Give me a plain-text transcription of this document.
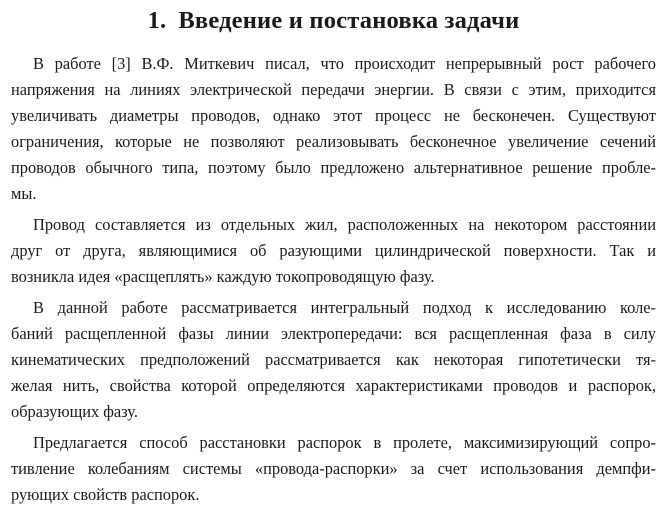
1. Введение и постановка задачи
В работе [3] В.Ф. Миткевич писал, что происходит непрерывный рост рабочего
напряжения на линиях электрической передачи энергии. В связи с этим, приходится
увеличивать диаметры проводов, однако этот процесс не бесконечен. Существуют
ограничения, которые не позволяют реализовывать бесконечное увеличение сечений
проводов обычного типа, поэтому было предложено альтернативное решение пробле-
мы.
Провод составляется из отдельных жил, расположенных на некотором расстоянии
друг от друга, являющимися об разующими цилиндрической поверхности. Так и
возникла идея «расщеплять» каждую токопроводящую фазу.
В данной работе рассматривается интегральный подход к исследованию коле-
баний расщепленной фазы линии электропередачи: вся расщепленная фаза в силу
кинематических предположений рассматривается как некоторая гипотетически тя-
желая нить, свойства которой определяются характеристиками проводов и распорок,
образующих фазу.
Предлагается способ расстановки распорок в пролете, максимизирующий сопро-
тивление колебаниям системы «провода-распорки» за счет использования демпфи-
рующих свойств распорок.
